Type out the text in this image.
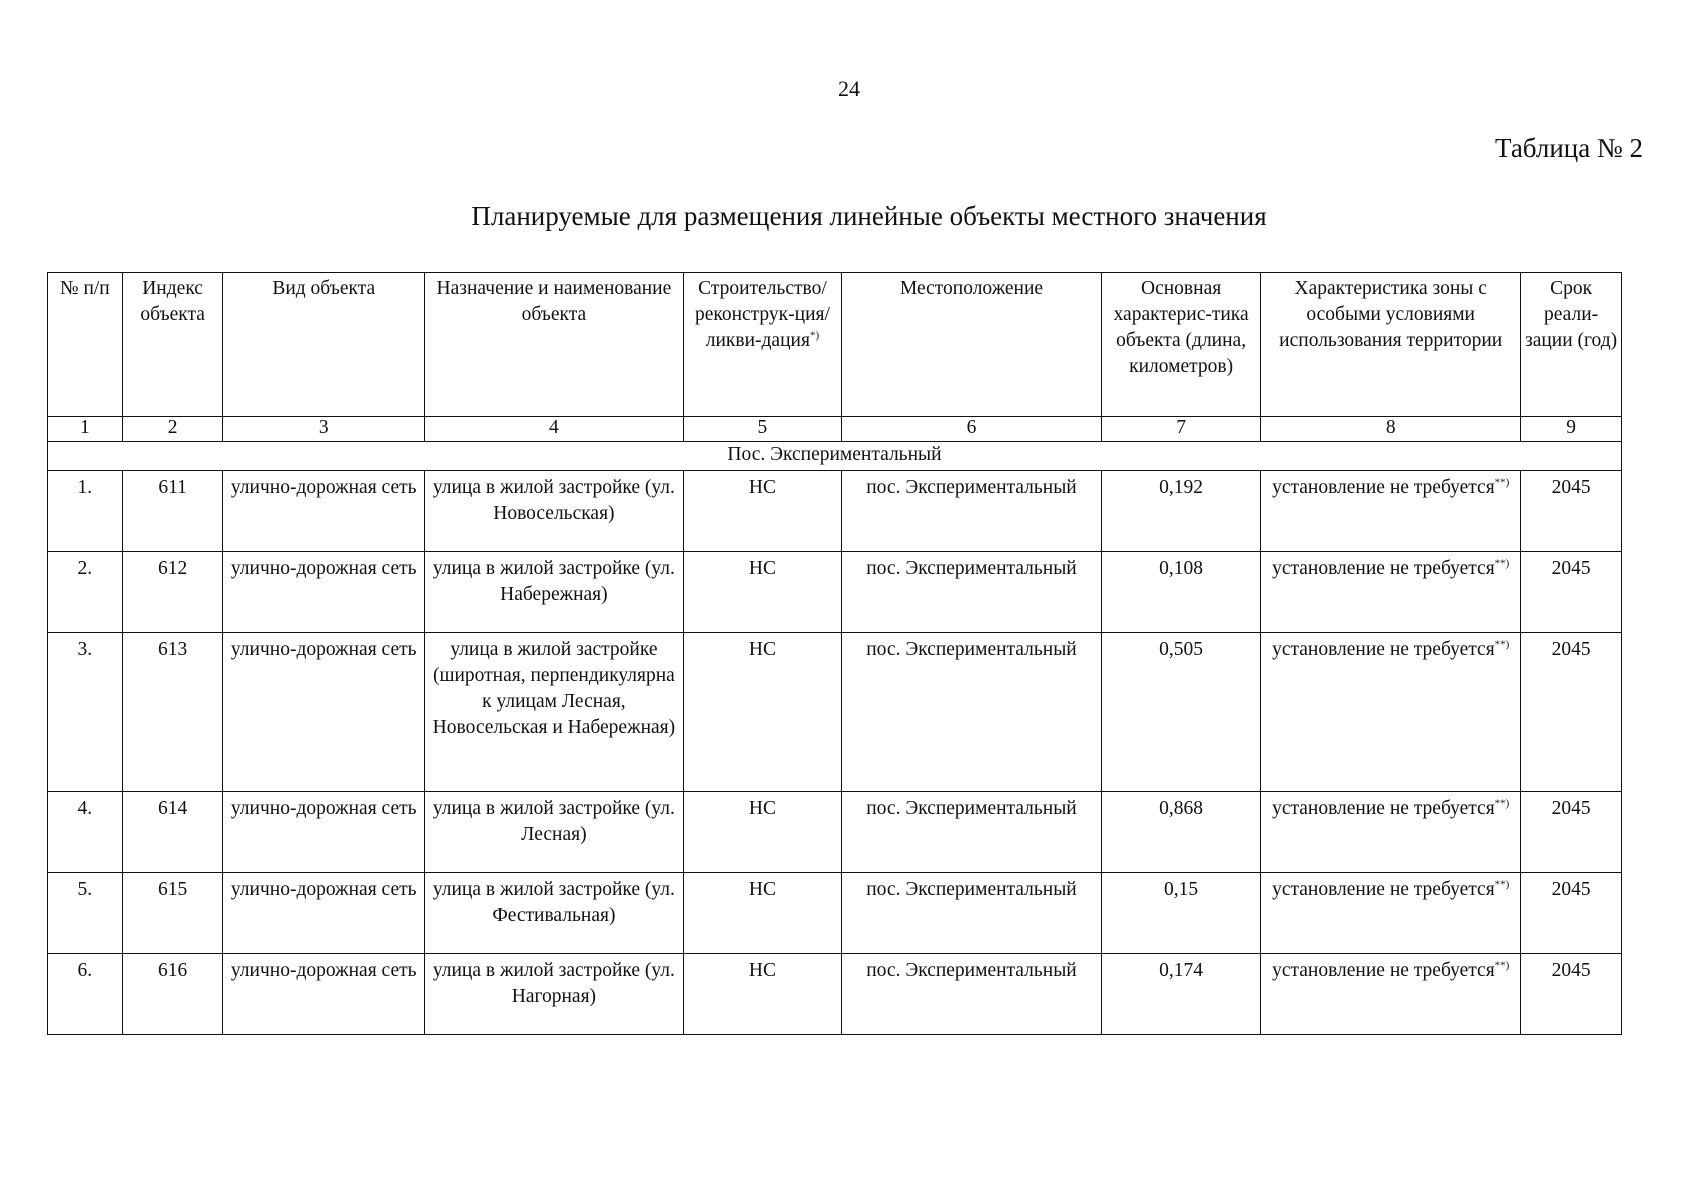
24
Таблица № 2
Планируемые для размещения линейные объекты местного значения
№ п/п	Индекс объекта	Вид объекта	Назначение и наименование объекта	Строительство/ реконструк-ция/ликви-дация*)	Местоположение	Основная характерис-тика объекта (длина, километров)	Характеристика зоны с особыми условиями использования территории	Срок реали-зации (год)
1	2	3	4	5	6	7	8	9
Пос. Экспериментальный								
1.	611	улично-дорожная сеть	улица в жилой застройке (ул. Новосельская)	НС	пос. Экспериментальный	0,192	установление не требуется**)	2045
2.	612	улично-дорожная сеть	улица в жилой застройке (ул. Набережная)	НС	пос. Экспериментальный	0,108	установление не требуется**)	2045
3.	613	улично-дорожная сеть	улица в жилой застройке (широтная, перпендикулярна к улицам Лесная, Новосельская и Набережная)	НС	пос. Экспериментальный	0,505	установление не требуется**)	2045
4.	614	улично-дорожная сеть	улица в жилой застройке (ул. Лесная)	НС	пос. Экспериментальный	0,868	установление не требуется**)	2045
5.	615	улично-дорожная сеть	улица в жилой застройке (ул. Фестивальная)	НС	пос. Экспериментальный	0,15	установление не требуется**)	2045
6.	616	улично-дорожная сеть	улица в жилой застройке (ул. Нагорная)	НС	пос. Экспериментальный	0,174	установление не требуется**)	2045
